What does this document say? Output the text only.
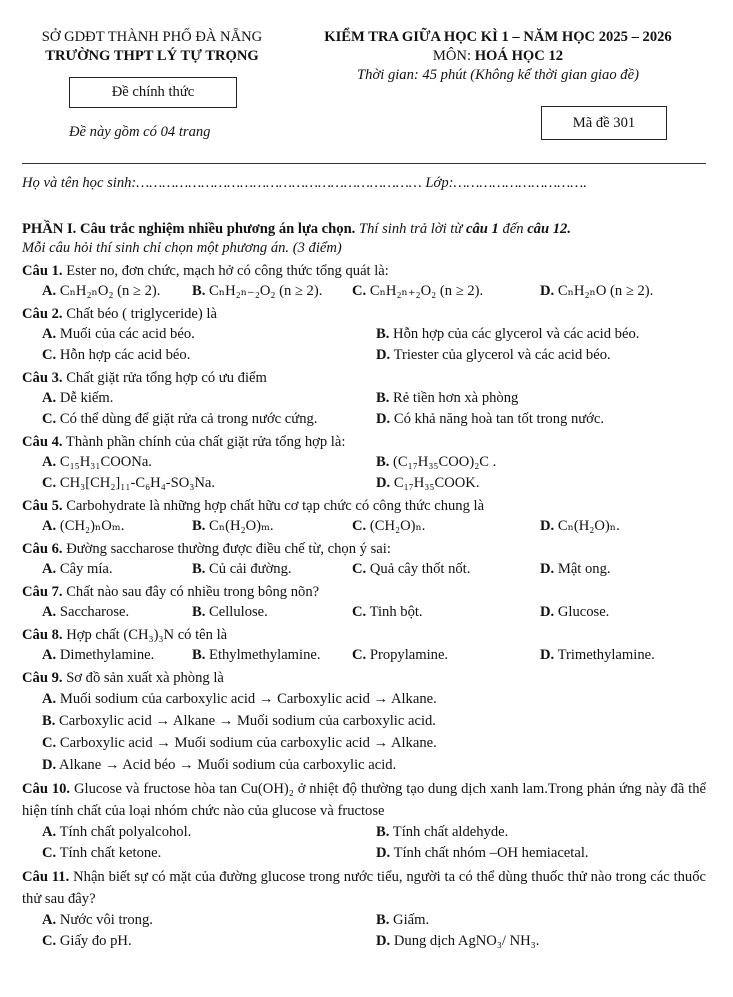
SỞ GDĐT THÀNH PHỐ ĐÀ NẴNG
TRƯỜNG THPT LÝ TỰ TRỌNG
Đề chính thức
Đề này gồm có 04 trang
KIỂM TRA GIỮA HỌC KÌ 1 – NĂM HỌC 2025 – 2026
MÔN: HOÁ HỌC 12
Thời gian: 45 phút (Không kể thời gian giao đề)
Mã đề 301
Họ và tên học sinh:………………………………………………………… Lớp:………………………….
PHẦN I. Câu trắc nghiệm nhiều phương án lựa chọn. Thí sinh trả lời từ câu 1 đến câu 12.
Mỗi câu hỏi thí sinh chỉ chọn một phương án. (3 điểm)
Câu 1. Ester no, đơn chức, mạch hở có công thức tổng quát là:
A. CₙH₂ₙO₂ (n ≥ 2).	B. CₙH₂ₙ₋₂O₂ (n ≥ 2).	C. CₙH₂ₙ₊₂O₂ (n ≥ 2).	D. CₙH₂ₙO (n ≥ 2).
Câu 2. Chất béo ( triglyceride) là
A. Muối của các acid béo.	B. Hỗn hợp của các glycerol và các acid béo.
C. Hỗn hợp các acid béo.	D. Triester của glycerol và các acid béo.
Câu 3. Chất giặt rửa tổng hợp có ưu điểm
A. Dễ kiếm.	B. Rẻ tiền hơn xà phòng
C. Có thể dùng để giặt rửa cả trong nước cứng.	D. Có khả năng hoà tan tốt trong nước.
Câu 4. Thành phần chính của chất giặt rửa tổng hợp là:
A. C₁₅H₃₁COONa.	B. (C₁₇H₃₅COO)₂C .
C. CH₃[CH₂]₁₁-C₆H₄-SO₃Na.	D. C₁₇H₃₅COOK.
Câu 5. Carbohydrate là những hợp chất hữu cơ tạp chức có công thức chung là
A. (CH₂)ₙOₘ.	B. Cₙ(H₂O)ₘ.	C. (CH₂O)ₙ.	D. Cₙ(H₂O)ₙ.
Câu 6. Đường saccharose thường được điều chế từ, chọn ý sai:
A. Cây mía.	B. Củ cải đường.	C. Quả cây thốt nốt.	D. Mật ong.
Câu 7. Chất nào sau đây có nhiều trong bông nõn?
A. Saccharose.	B. Cellulose.	C. Tinh bột.	D. Glucose.
Câu 8. Hợp chất (CH₃)₃N có tên là
A. Dimethylamine.	B. Ethylmethylamine.	C. Propylamine.	D. Trimethylamine.
Câu 9. Sơ đồ sản xuất xà phòng là
A. Muối sodium của carboxylic acid → Carboxylic acid → Alkane.
B. Carboxylic acid → Alkane → Muối sodium của carboxylic acid.
C. Carboxylic acid → Muối sodium của carboxylic acid → Alkane.
D. Alkane → Acid béo → Muối sodium của carboxylic acid.
Câu 10. Glucose và fructose hòa tan Cu(OH)₂ ở nhiệt độ thường tạo dung dịch xanh lam.Trong phản ứng này đã thể hiện tính chất của loại nhóm chức nào của glucose và fructose
A. Tính chất polyalcohol.	B. Tính chất aldehyde.
C. Tính chất ketone.	D. Tính chất nhóm –OH hemiacetal.
Câu 11. Nhận biết sự có mặt của đường glucose trong nước tiểu, người ta có thể dùng thuốc thử nào trong các thuốc thử sau đây?
A. Nước vôi trong.	B. Giấm.
C. Giấy đo pH.	D. Dung dịch AgNO₃/ NH₃.
